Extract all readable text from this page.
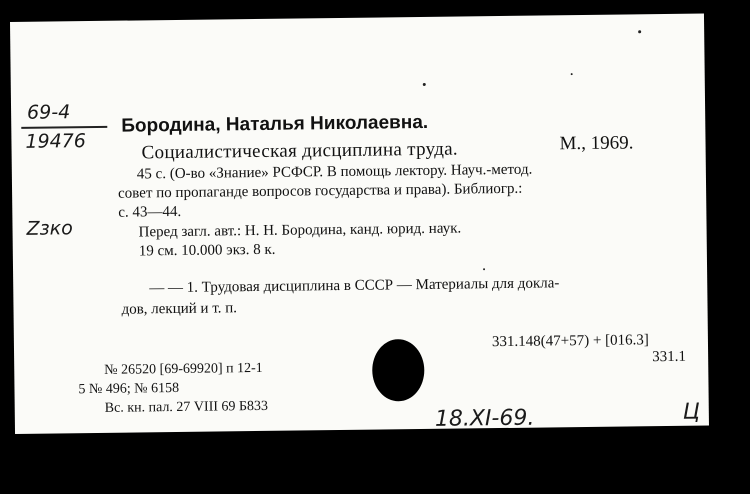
69-4
19476
Zзко
Бородина, Наталья Николаевна.
Социалистическая дисциплина труда.	М., 1969.
45 с. (О-во «Знание» РСФСР. В помощь лектору. Науч.-метод.
совет по пропаганде вопросов государства и права). Библиогр.:
с. 43—44.
Перед загл. авт.: Н. Н. Бородина, канд. юрид. наук.
19 см. 10.000 экз. 8 к.
— — 1. Трудовая дисциплина в СССР — Материалы для докла-
дов, лекций и т. п.
331.148(47+57) + [016.3]
331.1
№ 26520 [69-69920] п 12-1
5 № 496; № 6158
Вс. кн. пал. 27 VIII 69 Б833	18.XI-69.	Ц
